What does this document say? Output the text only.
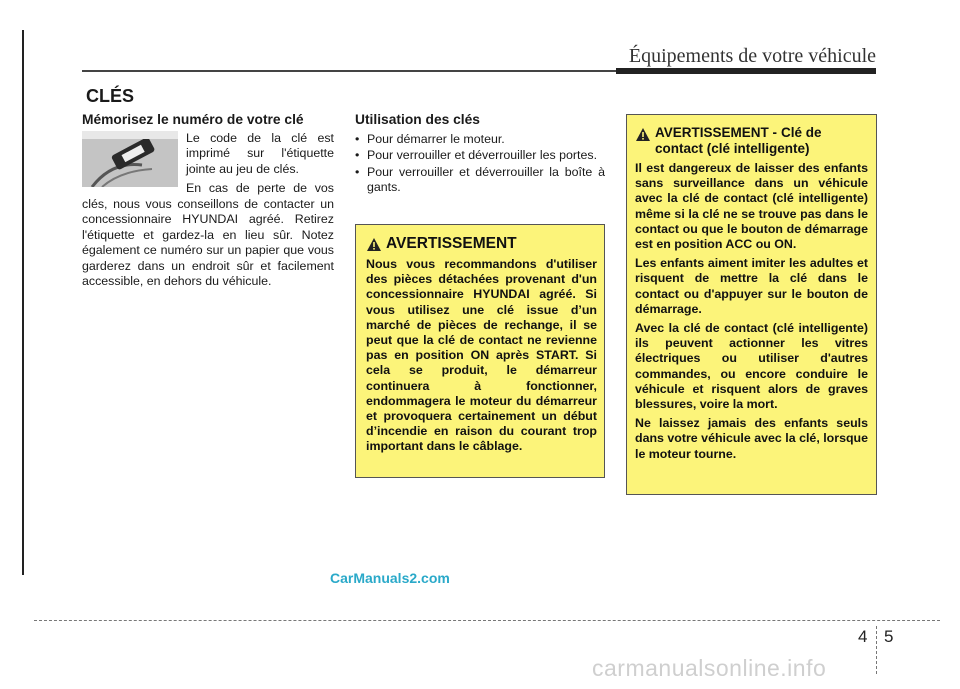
Équipements de votre véhicule
CLÉS
Mémorisez le numéro de votre clé

Le code de la clé est imprimé sur l'étiquette jointe au jeu de clés.

En cas de perte de vos clés, nous vous conseillons de contacter un concessionnaire HYUNDAI agréé. Retirez l'étiquette et gardez-la en lieu sûr. Notez également ce numéro sur un papier que vous garderez dans un endroit sûr et facilement accessible, en dehors du véhicule.

Utilisation des clés
• Pour démarrer le moteur.
• Pour verrouiller et déverrouiller les portes.
• Pour verrouiller et déverrouiller la boîte à gants.
AVERTISSEMENT

Nous vous recommandons d'utiliser des pièces détachées provenant d'un concessionnaire HYUNDAI agréé. Si vous utilisez une clé issue d’un marché de pièces de rechange, il se peut que la clé de contact ne revienne pas en position ON après START. Si cela se produit, le démarreur continuera à fonctionner, endommagera le moteur du démarreur et provoquera certainement un début d’incendie en raison du courant trop important dans le câblage.

AVERTISSEMENT - Clé de contact (clé intelligente)

Il est dangereux de laisser des enfants sans surveillance dans un véhicule avec la clé de contact (clé intelligente) même si la clé ne se trouve pas dans le contact ou que le bouton de démarrage est en position ACC ou ON.

Les enfants aiment imiter les adultes et risquent de mettre la clé dans le contact ou d'appuyer sur le bouton de démarrage.

Avec la clé de contact (clé intelligente) ils peuvent actionner les vitres électriques ou utiliser d'autres commandes, ou encore conduire le véhicule et risquent alors de graves blessures, voire la mort.

Ne laissez jamais des enfants seuls dans votre véhicule avec la clé, lorsque le moteur tourne.

CarManuals2.com
4 5
carmanualsonline.info
